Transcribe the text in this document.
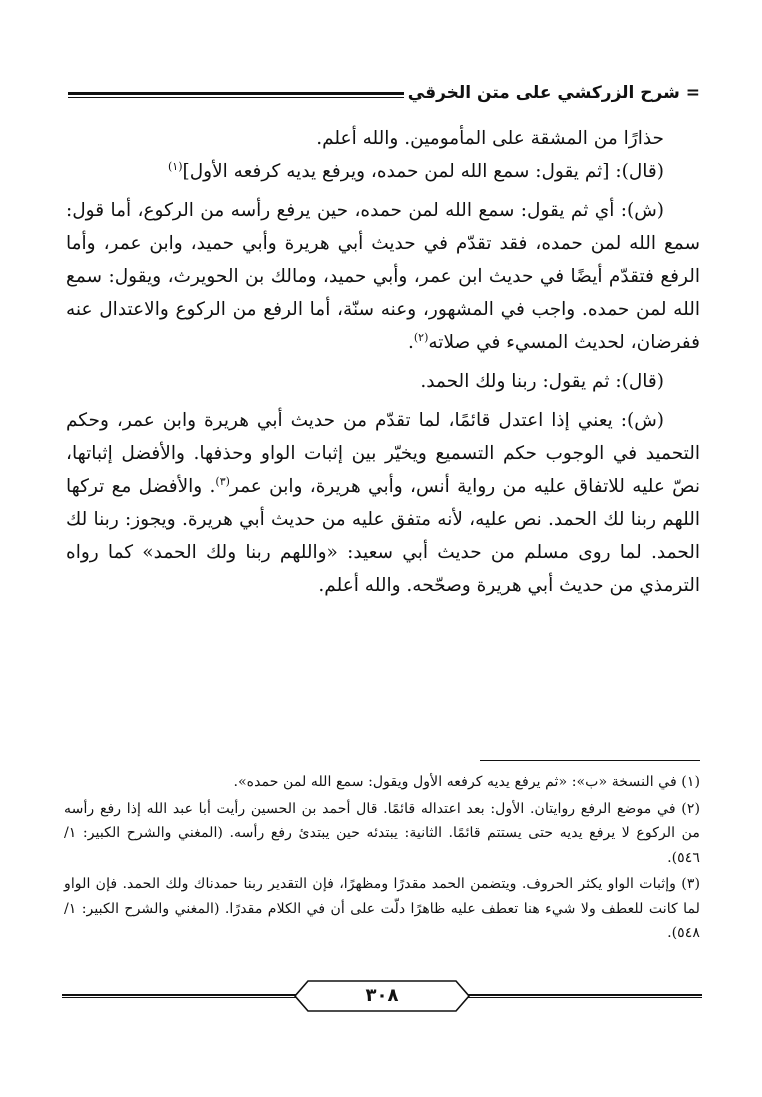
= شرح الزركشي على متن الخرقي

حذارًا من المشقة على المأمومين. والله أعلم.

(قال): [ثم يقول: سمع الله لمن حمده، ويرفع يديه كرفعه الأول]$^{(١)}$

(ش): أي ثم يقول: سمع الله لمن حمده، حين يرفع رأسه من الركوع، أما قول: سمع الله لمن حمده، فقد تقدّم في حديث أبي هريرة وأبي حميد، وابن عمر، وأما الرفع فتقدّم أيضًا في حديث ابن عمر، وأبي حميد، ومالك بن الحويرث، ويقول: سمع الله لمن حمده. واجب في المشهور، وعنه سنّة، أما الرفع من الركوع والاعتدال عنه ففرضان، لحديث المسيء في صلاته$^{(٢)}$.

(قال): ثم يقول: ربنا ولك الحمد.

(ش): يعني إذا اعتدل قائمًا، لما تقدّم من حديث أبي هريرة وابن عمر، وحكم التحميد في الوجوب حكم التسميع ويخيّر بين إثبات الواو وحذفها. والأفضل إثباتها، نصّ عليه للاتفاق عليه من رواية أنس، وأبي هريرة، وابن عمر$^{(٣)}$. والأفضل مع تركها اللهم ربنا لك الحمد. نص عليه، لأنه متفق عليه من حديث أبي هريرة. ويجوز: ربنا لك الحمد. لما روى مسلم من حديث أبي سعيد: «واللهم ربنا ولك الحمد» كما رواه الترمذي من حديث أبي هريرة وصحّحه. والله أعلم.

(١) في النسخة «ب»: «ثم يرفع يديه كرفعه الأول ويقول: سمع الله لمن حمده».

(٢) في موضع الرفع روايتان. الأول: بعد اعتداله قائمًا. قال أحمد بن الحسين رأيت أبا عبد الله إذا رفع رأسه من الركوع لا يرفع يديه حتى يستتم قائمًا. الثانية: يبتدئه حين يبتدئ رفع رأسه. (المغني والشرح الكبير: ١/ ٥٤٦).

(٣) وإثبات الواو يكثر الحروف. ويتضمن الحمد مقدرًا ومظهرًا، فإن التقدير ربنا حمدناك ولك الحمد. فإن الواو لما كانت للعطف ولا شيء هنا تعطف عليه ظاهرًا دلّت على أن في الكلام مقدرًا. (المغني والشرح الكبير: ١/ ٥٤٨).

٣٠٨
